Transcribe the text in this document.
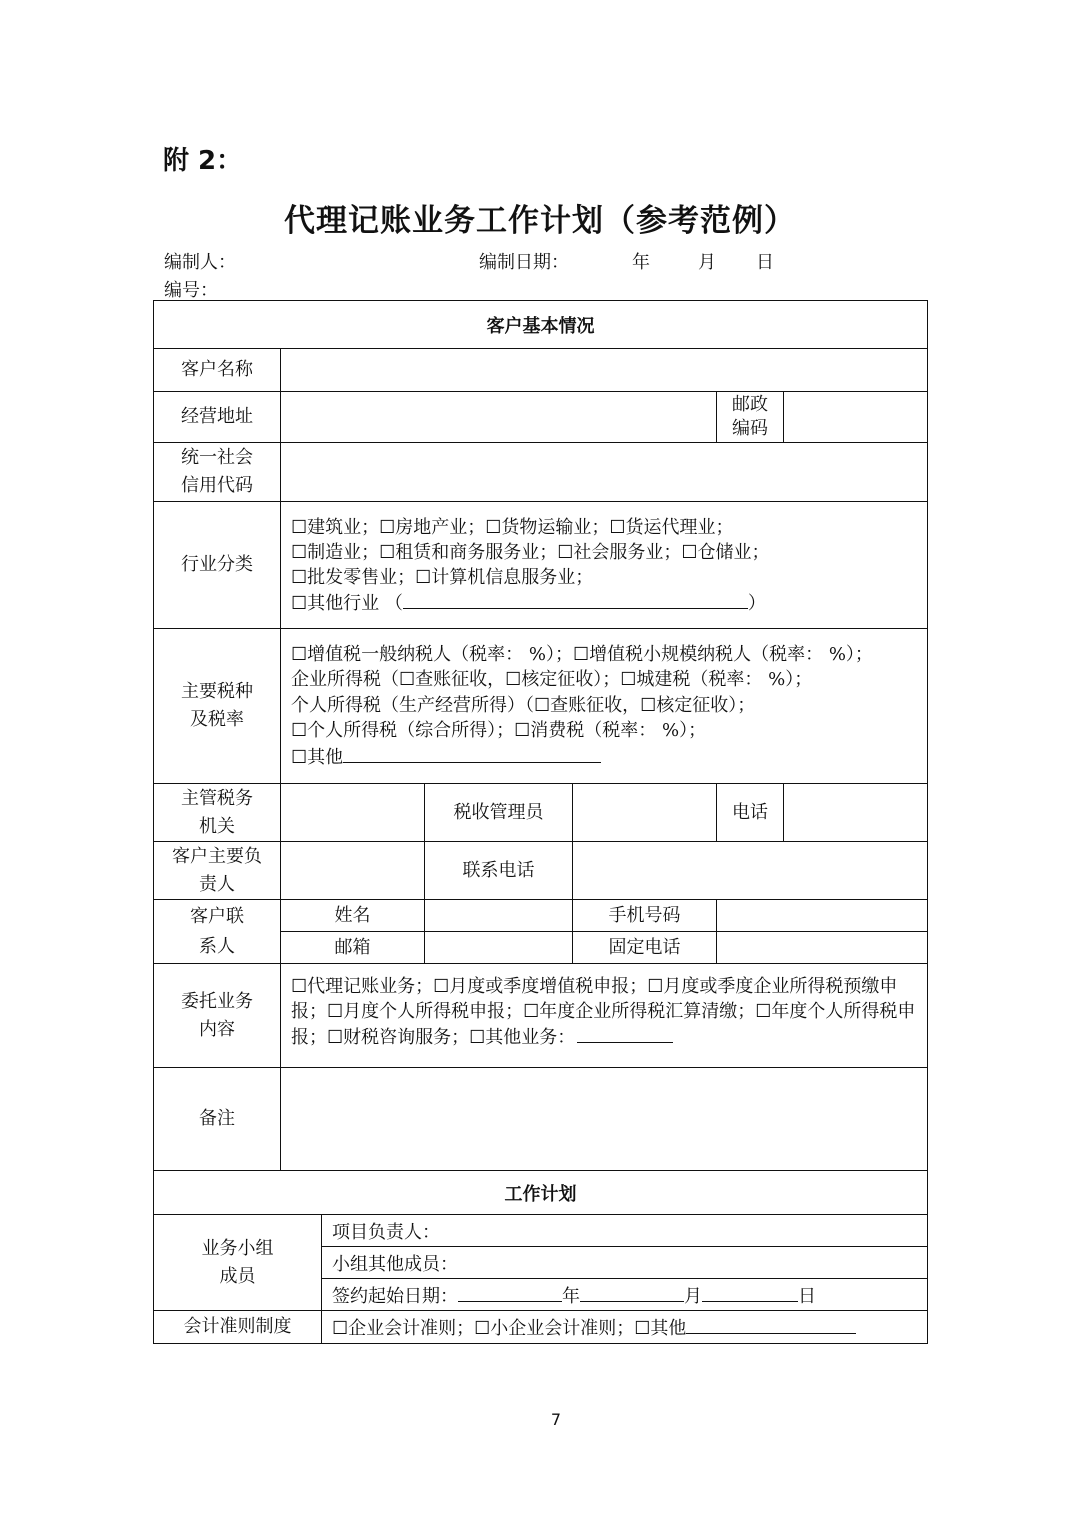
附 2：
代理记账业务工作计划（参考范例）
编制人：	编制日期：	年	月 日
编号：
客户基本情况						
客户名称						
经营地址					邮政编码	
统一社会信用代码						
行业分类	☐建筑业；☐房地产业；☐货物运输业；☐货运代理业；
☐制造业；☐租赁和商务服务业；☐社会服务业；☐仓储业；
☐批发零售业；☐计算机信息服务业；
☐其他行业 （ ）					

主要税种及税率	☐增值税一般纳税人（税率： %）；☐增值税小规模纳税人（税率： %）；
企业所得税（☐查账征收，☐核定征收）；☐城建税（税率： %）；
个人所得税（生产经营所得）（☐查账征收，☐核定征收）；
☐个人所得税（综合所得）；☐消费税（税率： %）；
☐其他					

主管税务机关			税收管理员		电话	
客户主要负责人			联系电话			
客户联系人	姓名			手机号码		
	邮箱			固定电话		
委托业务内容	☐代理记账业务；☐月度或季度增值税申报；☐月度或季度企业所得税预缴申报；☐月度个人所得税申报；☐年度企业所得税汇算清缴；☐年度个人所得税申报；☐财税咨询服务；☐其他业务：					
备注						
工作计划						
业务小组成员		项目负责人：				
		小组其他成员：				
		签约起始日期： 年 月 日				
会计准则制度		☐企业会计准则；☐小企业会计准则；☐其他				
7
